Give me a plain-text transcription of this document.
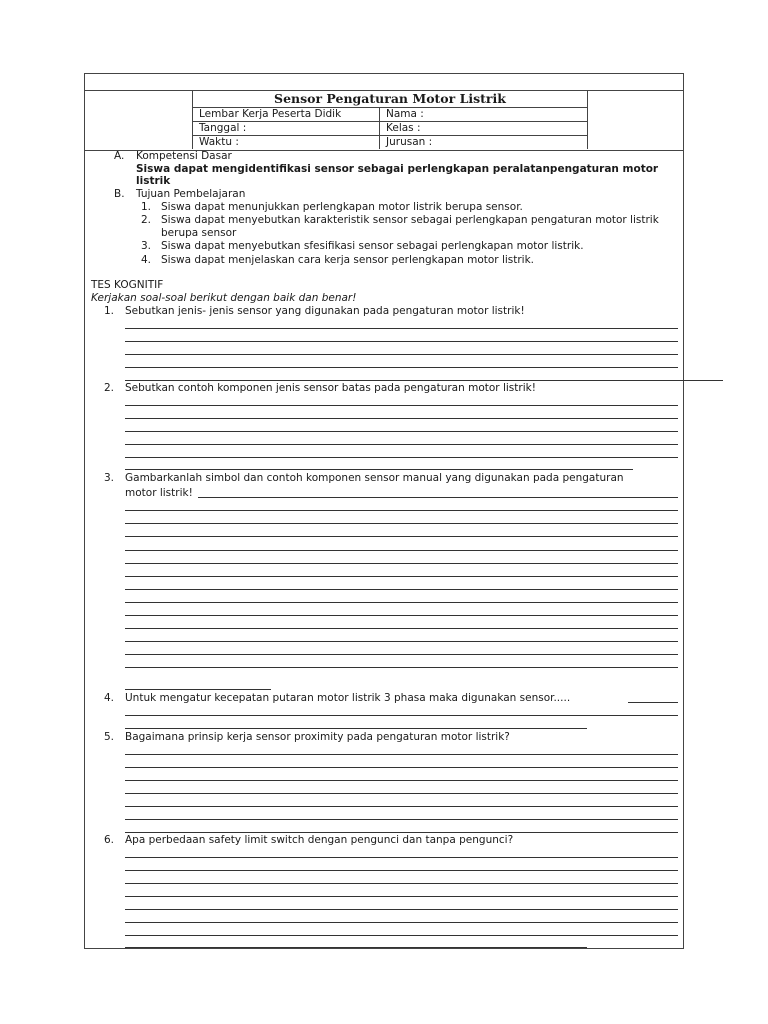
Sensor Pengaturan Motor Listrik
Lembar Kerja Peserta Didik	Nama :
Tanggal :	Kelas :
Waktu :	Jurusan :
A. Kompetensi Dasar
Siswa dapat mengidentifikasi sensor sebagai perlengkapan peralatanpengaturan motor
listrik
B. Tujuan Pembelajaran
1. Siswa dapat menunjukkan perlengkapan motor listrik berupa sensor.
2. Siswa dapat menyebutkan karakteristik sensor sebagai perlengkapan pengaturan motor listrik
berupa sensor
3. Siswa dapat menyebutkan sfesifikasi sensor sebagai perlengkapan motor listrik.
4. Siswa dapat menjelaskan cara kerja sensor perlengkapan motor listrik.
TES KOGNITIF
Kerjakan soal-soal berikut dengan baik dan benar!
1. Sebutkan jenis- jenis sensor yang digunakan pada pengaturan motor listrik!
2. Sebutkan contoh komponen jenis sensor batas pada pengaturan motor listrik!
3. Gambarkanlah simbol dan contoh komponen sensor manual yang digunakan pada pengaturan
motor listrik!
4. Untuk mengatur kecepatan putaran motor listrik 3 phasa maka digunakan sensor.....
5. Bagaimana prinsip kerja sensor proximity pada pengaturan motor listrik?
6. Apa perbedaan safety limit switch dengan pengunci dan tanpa pengunci?
